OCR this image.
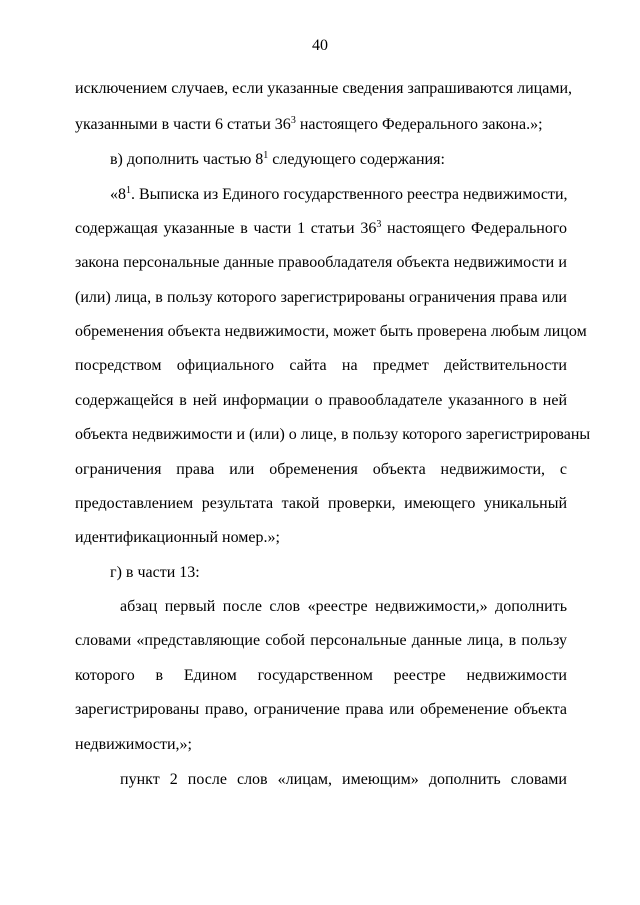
40
исключением случаев, если указанные сведения запрашиваются лицами,
указанными в части 6 статьи $36^3$ настоящего Федерального закона.»;
в) дополнить частью $8^1$ следующего содержания:
«$8^1$. Выписка из Единого государственного реестра недвижимости,
содержащая указанные в части 1 статьи $36^3$ настоящего Федерального
закона персональные данные правообладателя объекта недвижимости и
(или) лица, в пользу которого зарегистрированы ограничения права или
обременения объекта недвижимости, может быть проверена любым лицом
посредством официального сайта на предмет действительности
содержащейся в ней информации о правообладателе указанного в ней
объекта недвижимости и (или) о лице, в пользу которого зарегистрированы
ограничения права или обременения объекта недвижимости, с
предоставлением результата такой проверки, имеющего уникальный
идентификационный номер.»;
г) в части 13:
абзац первый после слов «реестре недвижимости,» дополнить
словами «представляющие собой персональные данные лица, в пользу
которого в Едином государственном реестре недвижимости
зарегистрированы право, ограничение права или обременение объекта
недвижимости,»;
пункт 2 после слов «лицам, имеющим» дополнить словами
